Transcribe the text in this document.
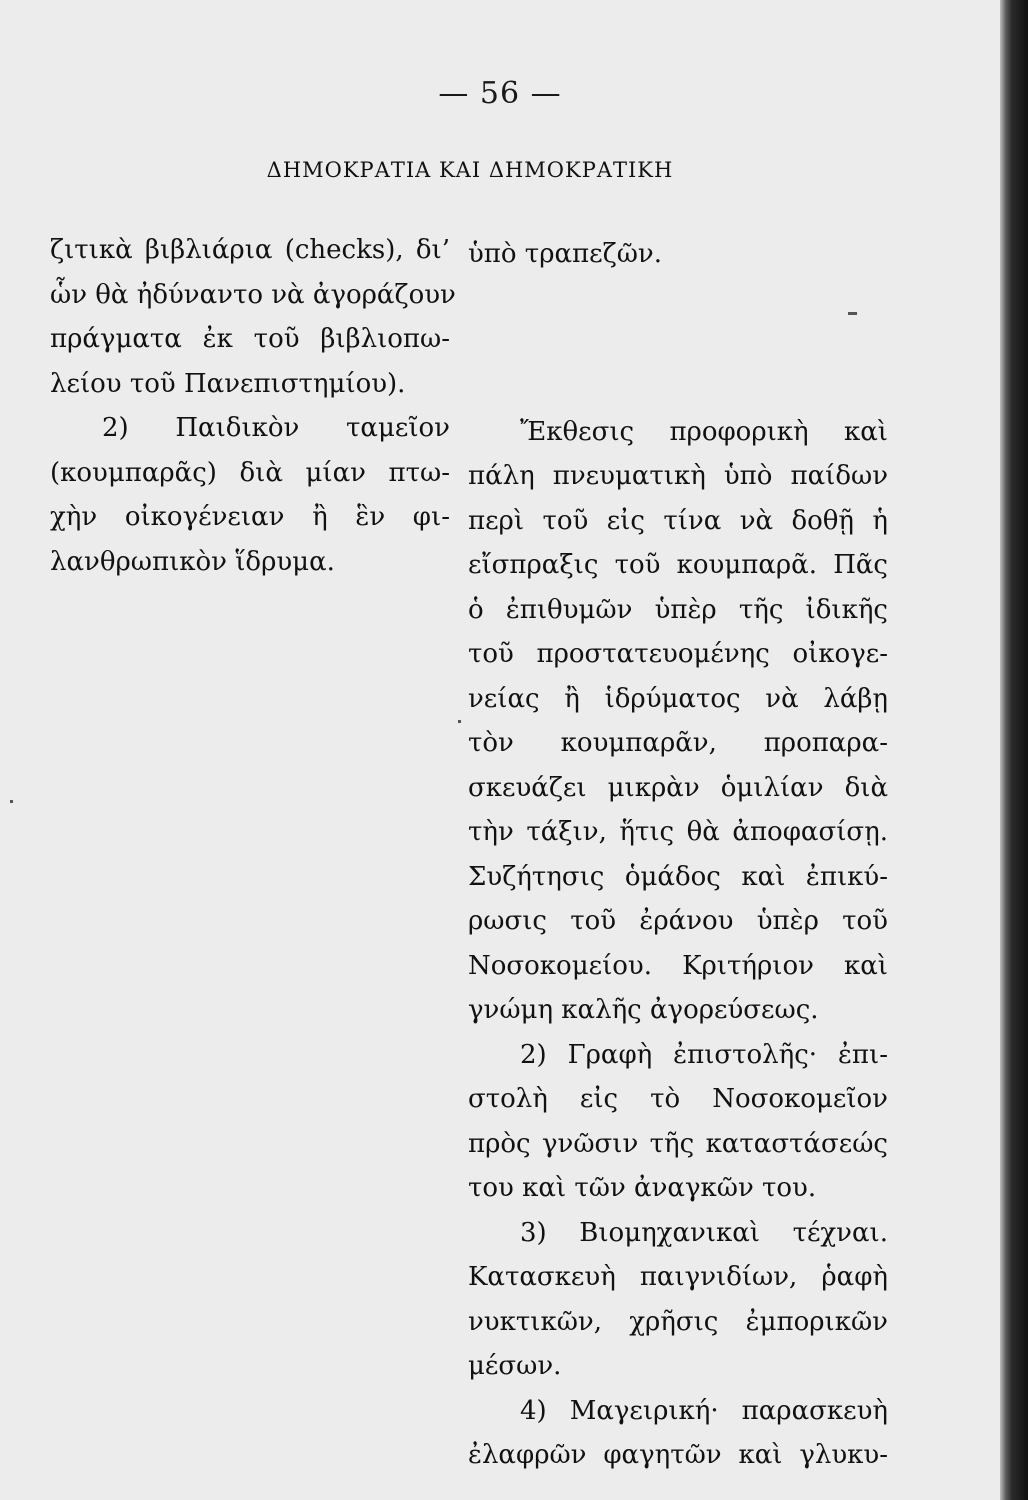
— 56 —
ΔΗΜΟΚΡΑΤΙΑ ΚΑΙ ΔΗΜΟΚΡΑΤΙΚΗ
ζιτικὰ βιβλιάρια (checks), δι’
ὧν θὰ ἠδύναντο νὰ ἀγοράζουν
πράγματα ἐκ τοῦ βιβλιοπω-
λείου τοῦ Πανεπιστημίου).
2) Παιδικὸν ταμεῖον
(κουμπαρᾶς) διὰ μίαν πτω-
χὴν οἰκογένειαν ἢ ἓν φι-
λανθρωπικὸν ἵδρυμα.
ὑπὸ τραπεζῶν.
Ἔκθεσις προφορικὴ καὶ
πάλη πνευματικὴ ὑπὸ παίδων
περὶ τοῦ εἰς τίνα νὰ δοθῇ ἡ
εἴσπραξις τοῦ κουμπαρᾶ. Πᾶς
ὁ ἐπιθυμῶν ὑπὲρ τῆς ἰδικῆς
τοῦ προστατευομένης οἰκογε-
νείας ἢ ἱδρύματος νὰ λάβῃ
τὸν κουμπαρᾶν, προπαρα-
σκευάζει μικρὰν ὁμιλίαν διὰ
τὴν τάξιν, ἥτις θὰ ἀποφασίσῃ.
Συζήτησις ὁμάδος καὶ ἐπικύ-
ρωσις τοῦ ἐράνου ὑπὲρ τοῦ
Νοσοκομείου. Κριτήριον καὶ
γνώμη καλῆς ἀγορεύσεως.
2) Γραφὴ ἐπιστολῆς· ἐπι-
στολὴ εἰς τὸ Νοσοκομεῖον
πρὸς γνῶσιν τῆς καταστάσεώς
του καὶ τῶν ἀναγκῶν του.
3) Βιομηχανικαὶ τέχναι.
Κατασκευὴ παιγνιδίων, ῥαφὴ
νυκτικῶν, χρῆσις ἐμπορικῶν
μέσων.
4) Μαγειρική· παρασκευὴ
ἐλαφρῶν φαγητῶν καὶ γλυκυ-
